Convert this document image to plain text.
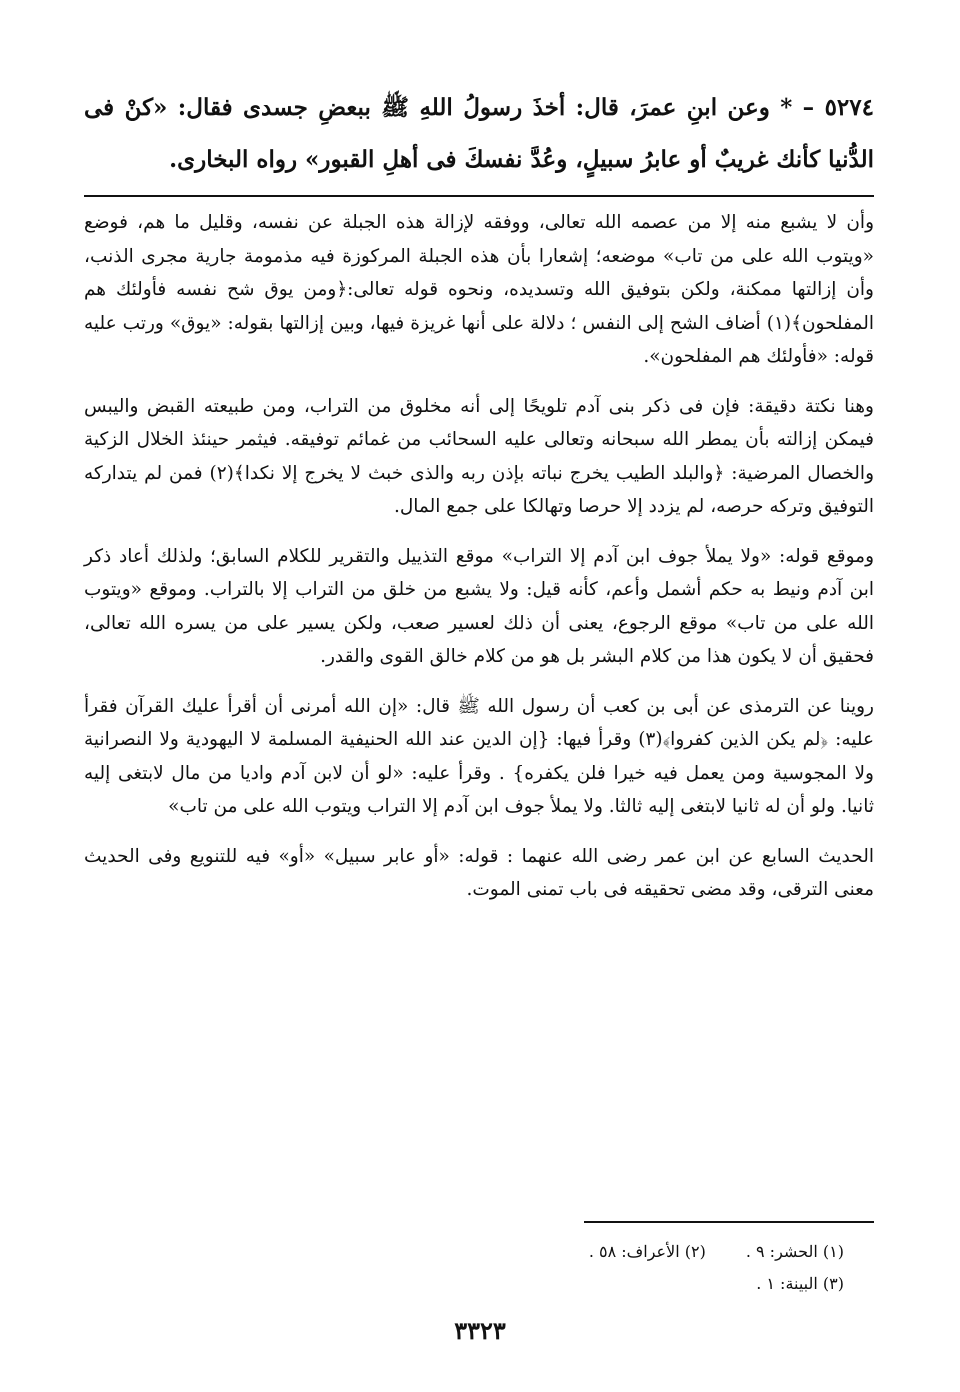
٥٢٧٤ – * وعن ابنِ عمرَ، قال: أخذَ رسولُ اللهِ ﷺ ببعضِ جسدى فقال: «كنْ فى الدُّنيا كأنك غريبٌ أو عابرُ سبيلٍ، وعُدَّ نفسكَ فى أهلِ القبور» رواه البخارى.

وأن لا يشبع منه إلا من عصمه الله تعالى، ووفقه لإزالة هذه الجبلة عن نفسه، وقليل ما هم، فوضع «ويتوب الله على من تاب» موضعه؛ إشعارا بأن هذه الجبلة المركوزة فيه مذمومة جارية مجرى الذنب، وأن إزالتها ممكنة، ولكن بتوفيق الله وتسديده، ونحوه قوله تعالى:﴿ومن يوق شح نفسه فأولئك هم المفلحون﴾(١) أضاف الشح إلى النفس ؛ دلالة على أنها غريزة فيها، وبين إزالتها بقوله: «يوق» ورتب عليه قوله: «فأولئك هم المفلحون».

وهنا نكتة دقيقة: فإن فى ذكر بنى آدم تلويحًا إلى أنه مخلوق من التراب، ومن طبيعته القبض واليبس فيمكن إزالته بأن يمطر الله سبحانه وتعالى عليه السحائب من غمائم توفيقه. فيثمر حينئذ الخلال الزكية والخصال المرضية: ﴿والبلد الطيب يخرج نباته بإذن ربه والذى خبث لا يخرج إلا نكدا﴾(٢) فمن لم يتداركه التوفيق وتركه حرصه، لم يزدد إلا حرصا وتهالكا على جمع المال.

وموقع قوله: «ولا يملأ جوف ابن آدم إلا التراب» موقع التذييل والتقرير للكلام السابق؛ ولذلك أعاد ذكر ابن آدم ونيط به حكم أشمل وأعم، كأنه قيل: ولا يشبع من خلق من التراب إلا بالتراب. وموقع «ويتوب الله على من تاب» موقع الرجوع، يعنى أن ذلك لعسير صعب، ولكن يسير على من يسره الله تعالى، فحقيق أن لا يكون هذا من كلام البشر بل هو من كلام خالق القوى والقدر.

روينا عن الترمذى عن أبى بن كعب أن رسول الله ﷺ قال: «إن الله أمرنى أن أقرأ عليك القرآن فقرأ عليه: ﴿لم يكن الذين كفروا﴾(٣) وقرأ فيها: {إن الدين عند الله الحنيفية المسلمة لا اليهودية ولا النصرانية ولا المجوسية ومن يعمل فيه خيرا فلن يكفره} . وقرأ عليه: «لو أن لابن آدم واديا من مال لابتغى إليه ثانيا. ولو أن له ثانيا لابتغى إليه ثالثا. ولا يملأ جوف ابن آدم إلا التراب ويتوب الله على من تاب»

الحديث السابع عن ابن عمر رضى الله عنهما : قوله: «أو عابر سبيل» «أو» فيه للتنويع وفى الحديث معنى الترقى، وقد مضى تحقيقه فى باب تمنى الموت.

(١) الحشر: ٩ .
(٢) الأعراف: ٥٨ .
(٣) البينة: ١ .
٣٣٢٣
